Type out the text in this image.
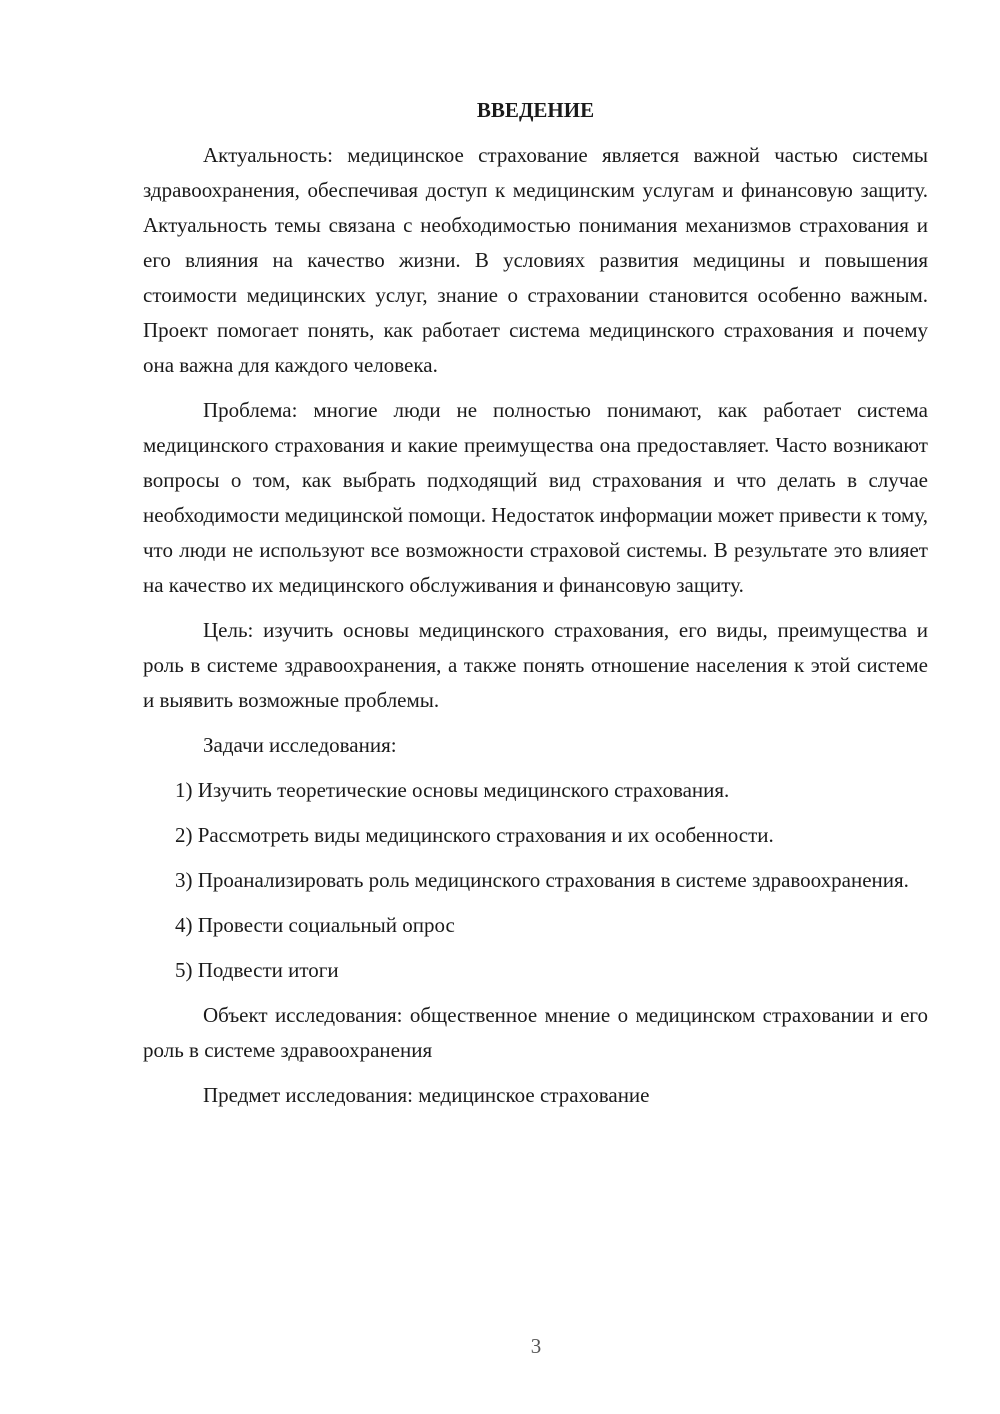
ВВЕДЕНИЕ

Актуальность: медицинское страхование является важной частью системы здравоохранения, обеспечивая доступ к медицинским услугам и финансовую защиту. Актуальность темы связана с необходимостью понимания механизмов страхования и его влияния на качество жизни. В условиях развития медицины и повышения стоимости медицинских услуг, знание о страховании становится особенно важным. Проект помогает понять, как работает система медицинского страхования и почему она важна для каждого человека.

Проблема: многие люди не полностью понимают, как работает система медицинского страхования и какие преимущества она предоставляет. Часто возникают вопросы о том, как выбрать подходящий вид страхования и что делать в случае необходимости медицинской помощи. Недостаток информации может привести к тому, что люди не используют все возможности страховой системы. В результате это влияет на качество их медицинского обслуживания и финансовую защиту.

Цель: изучить основы медицинского страхования, его виды, преимущества и роль в системе здравоохранения, а также понять отношение населения к этой системе и выявить возможные проблемы.

Задачи исследования:

1) Изучить теоретические основы медицинского страхования.

2) Рассмотреть виды медицинского страхования и их особенности.

3) Проанализировать роль медицинского страхования в системе здравоохранения.

4) Провести социальный опрос

5) Подвести итоги

Объект исследования: общественное мнение о медицинском страховании и его роль в системе здравоохранения

Предмет исследования: медицинское страхование

3
